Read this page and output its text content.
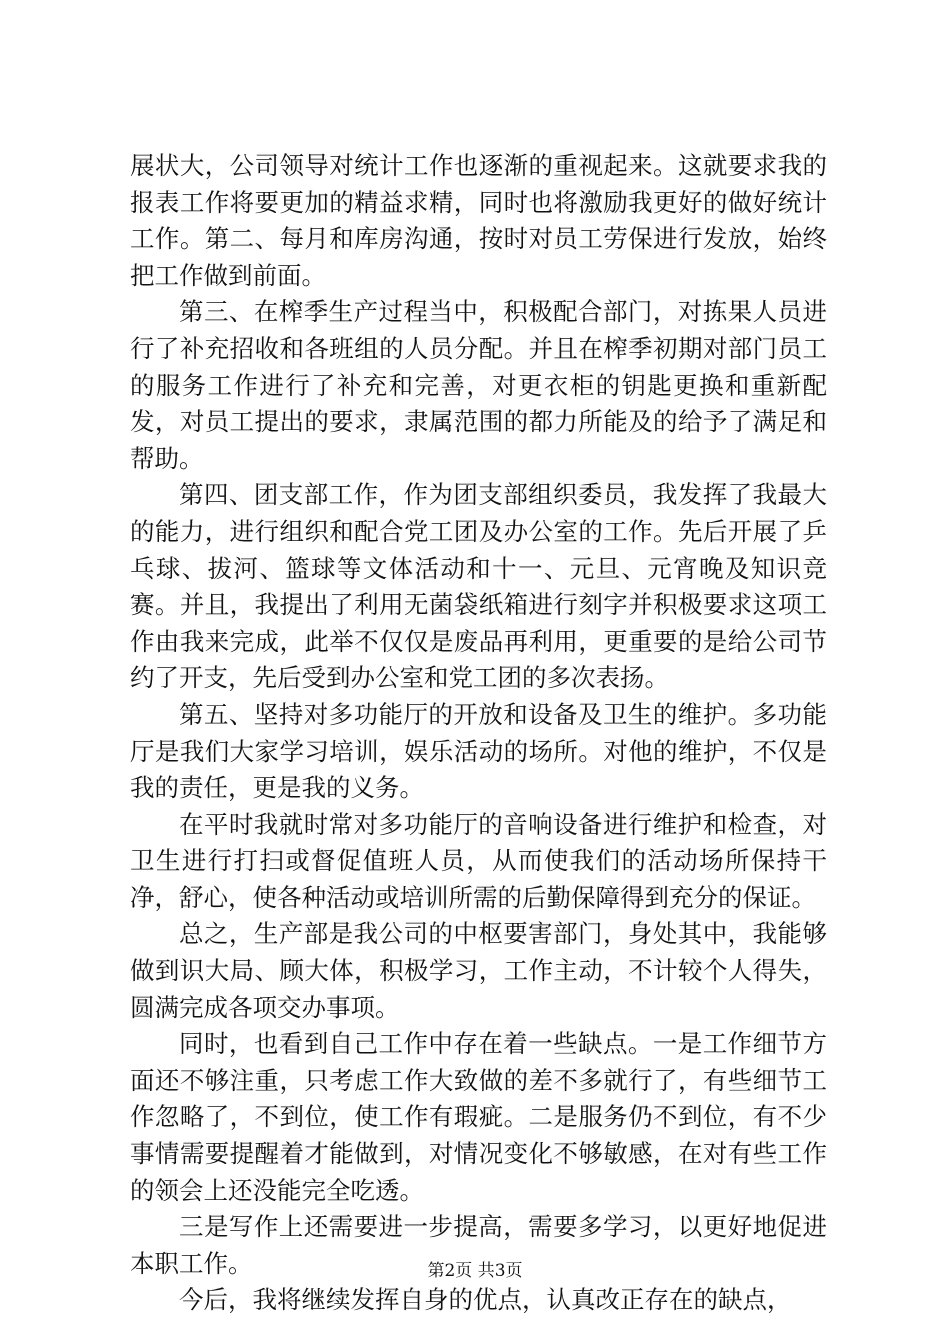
展状大，公司领导对统计工作也逐渐的重视起来。这就要求我的报表工作将要更加的精益求精，同时也将激励我更好的做好统计工作。第二、每月和库房沟通，按时对员工劳保进行发放，始终把工作做到前面。

第三、在榨季生产过程当中，积极配合部门，对拣果人员进行了补充招收和各班组的人员分配。并且在榨季初期对部门员工的服务工作进行了补充和完善，对更衣柜的钥匙更换和重新配发，对员工提出的要求，隶属范围的都力所能及的给予了满足和帮助。

第四、团支部工作，作为团支部组织委员，我发挥了我最大的能力，进行组织和配合党工团及办公室的工作。先后开展了乒乓球、拔河、篮球等文体活动和十一、元旦、元宵晚及知识竞赛。并且，我提出了利用无菌袋纸箱进行刻字并积极要求这项工作由我来完成，此举不仅仅是废品再利用，更重要的是给公司节约了开支，先后受到办公室和党工团的多次表扬。

第五、坚持对多功能厅的开放和设备及卫生的维护。多功能厅是我们大家学习培训，娱乐活动的场所。对他的维护，不仅是我的责任，更是我的义务。

在平时我就时常对多功能厅的音响设备进行维护和检查，对卫生进行打扫或督促值班人员，从而使我们的活动场所保持干净，舒心，使各种活动或培训所需的后勤保障得到充分的保证。

总之，生产部是我公司的中枢要害部门，身处其中，我能够做到识大局、顾大体，积极学习，工作主动，不计较个人得失，圆满完成各项交办事项。

同时，也看到自己工作中存在着一些缺点。一是工作细节方面还不够注重，只考虑工作大致做的差不多就行了，有些细节工作忽略了，不到位，使工作有瑕疵。二是服务仍不到位，有不少事情需要提醒着才能做到，对情况变化不够敏感，在对有些工作的领会上还没能完全吃透。

三是写作上还需要进一步提高，需要多学习，以更好地促进本职工作。

今后，我将继续发挥自身的优点，认真改正存在的缺点，

第2页 共3页
